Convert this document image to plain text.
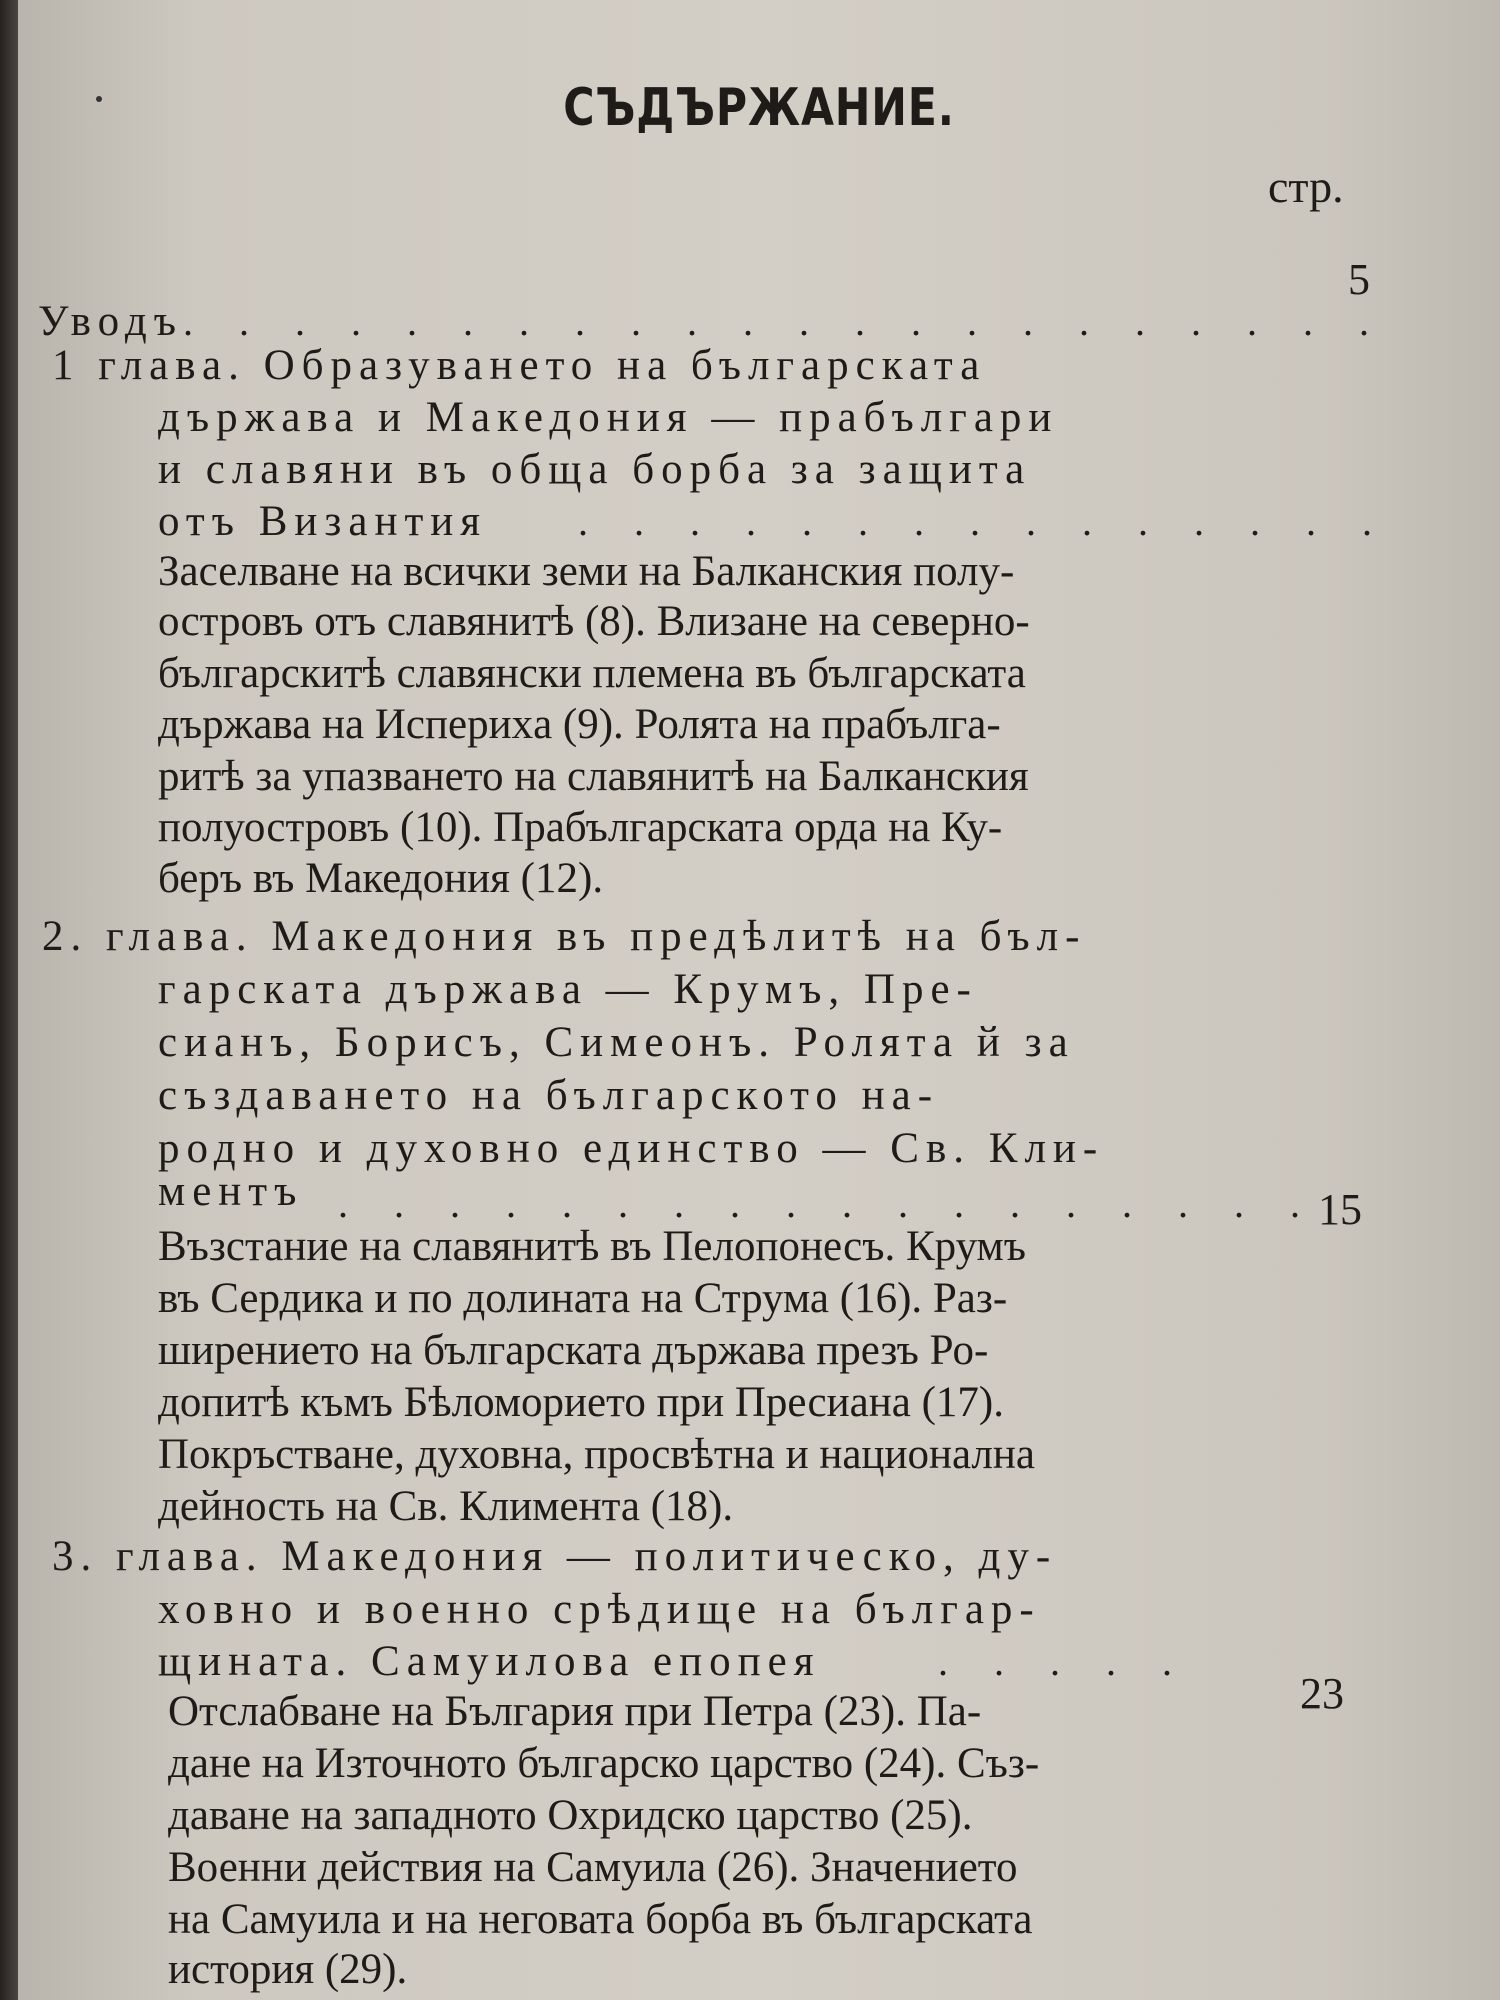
СЪДЪРЖАНИЕ.
стр.
Уводъ . . . . . . . . . . . . . . . . . . . . . .
5
1 глава. Образуването на българската
държава и Македония — прабългари
и славяни въ обща борба за защита
отъ Византия . . . . . . . . . . . . . . .
Заселване на всички земи на Балканския полу-
островъ отъ славянитѣ (8). Влизане на северно-
българскитѣ славянски племена въ българската
държава на Исперихa (9). Ролята на прабългa-
ритѣ за упазването на славянитѣ на Балканския
полуостровъ (10). Прабългарската орда на Ку-
беръ въ Македония (12).
2. глава. Македония въ предѣлитѣ на бъл-
гарската държава — Крумъ, Пре-
сианъ, Борисъ, Симеонъ. Ролята й за
създаването на българското на-
родно и духовно единство — Св. Кли-
ментъ . . . . . . . . . . . . . . . . . . 15
Възстание на славянитѣ въ Пелопонесъ. Крумъ
въ Сердика и по долината на Струма (16). Раз-
ширението на българската държава презъ Ро-
допитѣ къмъ Бѣломорието при Пресиана (17).
Покръстване, духовна, просвѣтна и национална
дейность на Св. Климента (18).
3. глава. Македония — политическо, ду-
ховно и военно срѣдище на българ-
щината. Самуилова епопея	. . . . .
23
Отслабване на България при Петра (23). Па-
дане на Източното българско царство (24). Съз-
даване на западното Охридско царство (25).
Военни действия на Самуила (26). Значението
на Самуила и на неговата борба въ българската
история (29).
